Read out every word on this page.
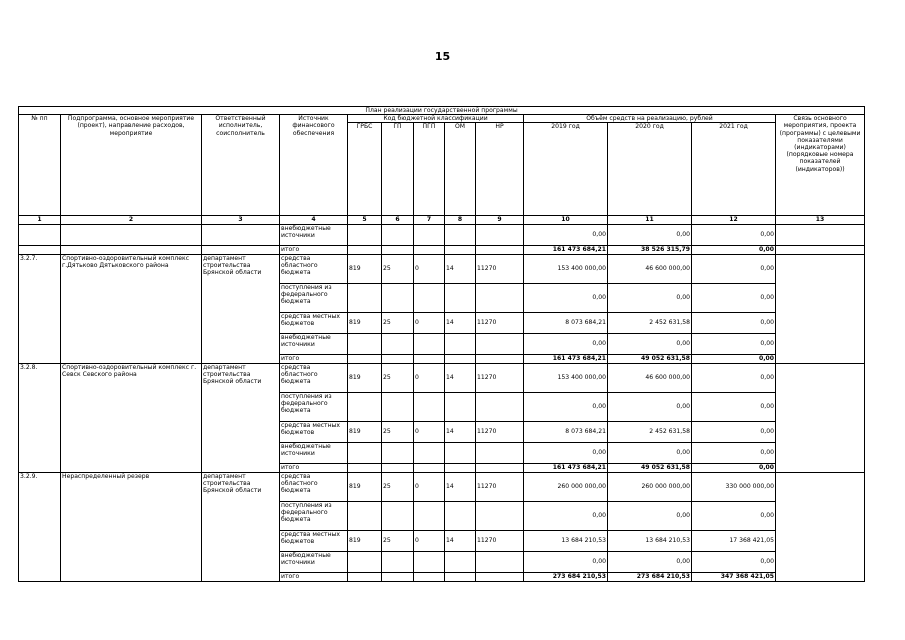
15
План реализации государственной программы												
№ пп	Подпрограмма, основное мероприятие (проект), направление расходов, мероприятие	Ответственный исполнитель, соисполнитель	Источник финансового обеспечения	Код бюджетной классификации					Объём средств на реализацию, рублей			Связь основного мероприятия, проекта (программы) с целевыми показателями (индикаторами) (порядковые номера показателей (индикаторов))
				ГРБС	ГП	ПГП	ОМ	НР	2019 год	2020 год	2021 год	
1	2	3	4	5	6	7	8	9	10	11	12	13
			внебюджетные источники						0,00	0,00	0,00	
			итого						161 473 684,21	38 526 315,79	0,00	
3.2.7.	Спортивно-оздоровительный комплекс г.Дятьково Дятьковского района	департамент строительства Брянской области	средства областного бюджета	819	25	0	14	11270	153 400 000,00	46 600 000,00	0,00	
			поступления из федерального бюджета						0,00	0,00	0,00	
			средства местных бюджетов	819	25	0	14	11270	8 073 684,21	2 452 631,58	0,00	
			внебюджетные источники						0,00	0,00	0,00	
			итого						161 473 684,21	49 052 631,58	0,00	
3.2.8.	Спортивно-оздоровительный комплекс г. Севск Севского района	департамент строительства Брянской области	средства областного бюджета	819	25	0	14	11270	153 400 000,00	46 600 000,00	0,00	
			поступления из федерального бюджета						0,00	0,00	0,00	
			средства местных бюджетов	819	25	0	14	11270	8 073 684,21	2 452 631,58	0,00	
			внебюджетные источники						0,00	0,00	0,00	
			итого						161 473 684,21	49 052 631,58	0,00	
3.2.9.	Нераспределенный резерв	департамент строительства Брянской области	средства областного бюджета	819	25	0	14	11270	260 000 000,00	260 000 000,00	330 000 000,00	
			поступления из федерального бюджета						0,00	0,00	0,00	
			средства местных бюджетов	819	25	0	14	11270	13 684 210,53	13 684 210,53	17 368 421,05	
			внебюджетные источники						0,00	0,00	0,00	
			итого						273 684 210,53	273 684 210,53	347 368 421,05	
